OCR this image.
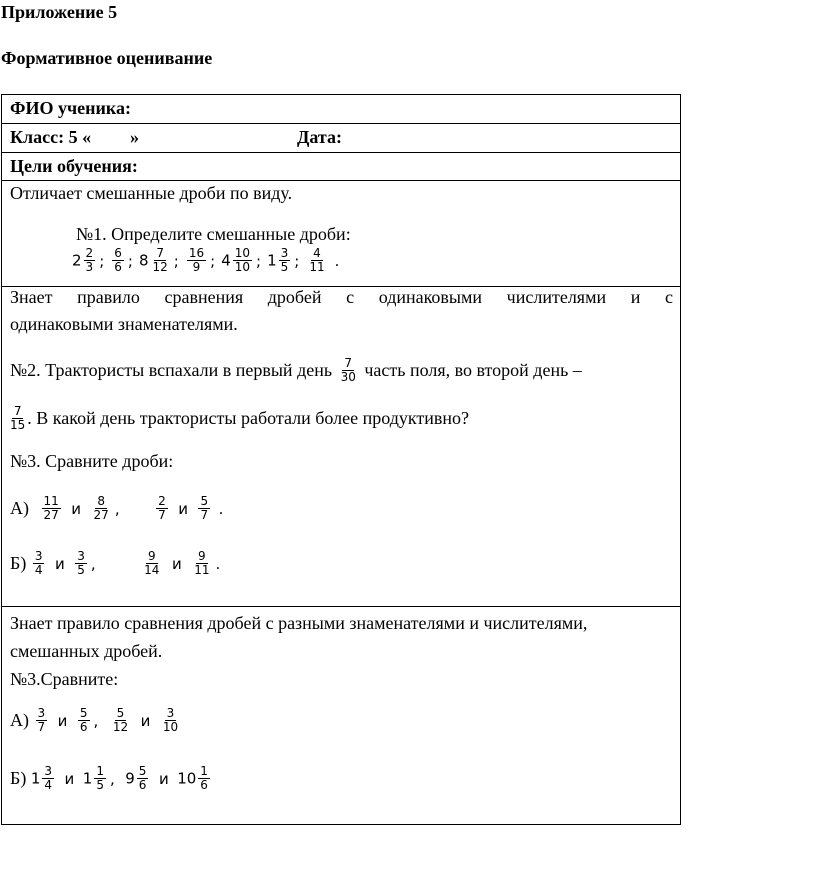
Приложение 5
Формативное оценивание
ФИО ученика:
Класс: 5 « »	Дата:
Цели обучения:
Отличает смешанные дроби по виду.
№1. Определите смешанные дроби:
$2 \frac{2}{3}$ ; $\frac{6}{6}$ ; $8 \frac{7}{12}$ ; $\frac{16}{9}$ ; $4 \frac{10}{10}$ ; $1 \frac{3}{5}$ ; $\frac{4}{11}$ .
Знает правило сравнения дробей с одинаковыми числителями и с
одинаковыми знаменателями.
№2. Трактористы вспахали в первый день $\frac{7}{30}$ часть поля, во второй день –
$\frac{7}{15}$ . В какой день трактористы работали более продуктивно?
№3. Сравните дроби:
$А) \frac{11}{27}$ и $\frac{8}{27}$ ,	$\frac{2}{7}$ и $\frac{5}{7}$ .
$Б) \frac{3}{4}$ и $\frac{3}{5}$ ,	$\frac{9}{14}$ и $\frac{9}{11}$ .
Знает правило сравнения дробей с разными знаменателями и числителями,
смешанных дробей.
№3.Сравните:
$А) \frac{3}{7}$ и $\frac{5}{6}$ , $\frac{5}{12}$ и $\frac{3}{10}$
Б) $1 \frac{3}{4}$ и $1 \frac{1}{5}$ , $9 \frac{5}{6}$ и $10 \frac{1}{6}$
